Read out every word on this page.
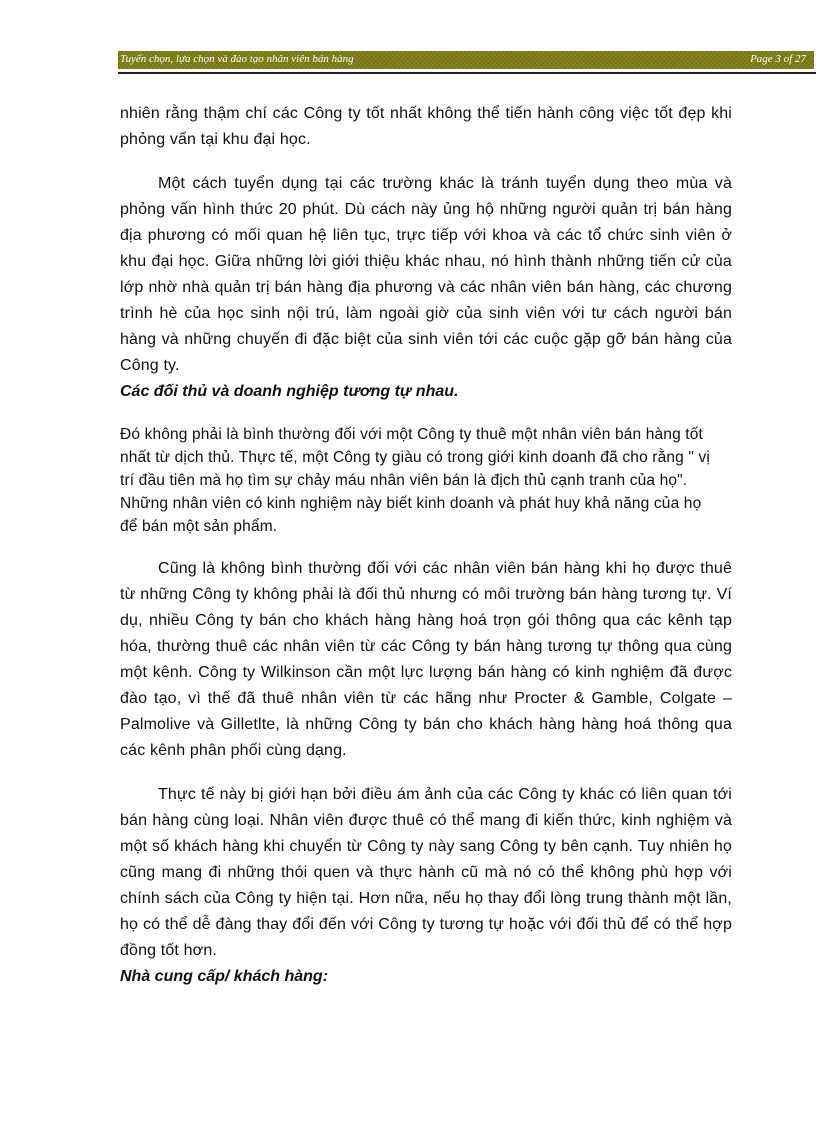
Tuyển chọn, lựa chọn và đào tạo nhân viên bán hàng	Page 3 of 27

nhiên rằng thậm chí các Công ty tốt nhất không thể tiến hành công việc tốt đẹp khi phỏng vấn tại khu đại học.

Một cách tuyển dụng tại các trường khác là tránh tuyển dụng theo mùa và phỏng vấn hình thức 20 phút. Dù cách này ủng hộ những người quản trị bán hàng địa phương có mối quan hệ liên tục, trực tiếp với khoa và các tổ chức sinh viên ở khu đại học. Giữa những lời giới thiệu khác nhau, nó hình thành những tiến cử của lớp nhờ nhà quản trị bán hàng địa phương và các nhân viên bán hàng, các chương trình hè của học sinh nội trú, làm ngoài giờ của sinh viên với tư cách người bán hàng và những chuyến đi đặc biệt của sinh viên tới các cuộc gặp gỡ bán hàng của Công ty.

Các đối thủ và doanh nghiệp tương tự nhau.

Đó không phải là bình thường đối với một Công ty thuê một nhân viên bán hàng tốt nhất từ dịch thủ. Thực tế, một Công ty giàu có trong giới kinh doanh đã cho rằng " vị trí đầu tiên mà họ tìm sự chảy máu nhân viên bán là địch thủ cạnh tranh của họ". Những nhân viên có kinh nghiệm này biết kinh doanh và phát huy khả năng của họ để bán một sản phẩm.

Cũng là không bình thường đối với các nhân viên bán hàng khi họ được thuê từ những Công ty không phải là đối thủ nhưng có môi trường bán hàng tương tự. Ví dụ, nhiều Công ty bán cho khách hàng hàng hoá trọn gói thông qua các kênh tạp hóa, thường thuê các nhân viên từ các Công ty bán hàng tương tự thông qua cùng một kênh. Công ty Wilkinson cần một lực lượng bán hàng có kinh nghiệm đã được đào tạo, vì thế đã thuê nhân viên từ các hãng như Procter & Gamble, Colgate – Palmolive và Gilletlte, là những Công ty bán cho khách hàng hàng hoá thông qua các kênh phân phối cùng dạng.

Thực tế này bị giới hạn bởi điều ám ảnh của các Công ty khác có liên quan tới bán hàng cùng loại. Nhân viên được thuê có thể mang đi kiến thức, kinh nghiệm và một số khách hàng khi chuyển từ Công ty này sang Công ty bên cạnh. Tuy nhiên họ cũng mang đi những thói quen và thực hành cũ mà nó có thể không phù hợp với chính sách của Công ty hiện tại. Hơn nữa, nếu họ thay đổi lòng trung thành một lần, họ có thể dễ đàng thay đổi đến với Công ty tương tự hoặc với đối thủ để có thể hợp đồng tốt hơn.

Nhà cung cấp/ khách hàng:
